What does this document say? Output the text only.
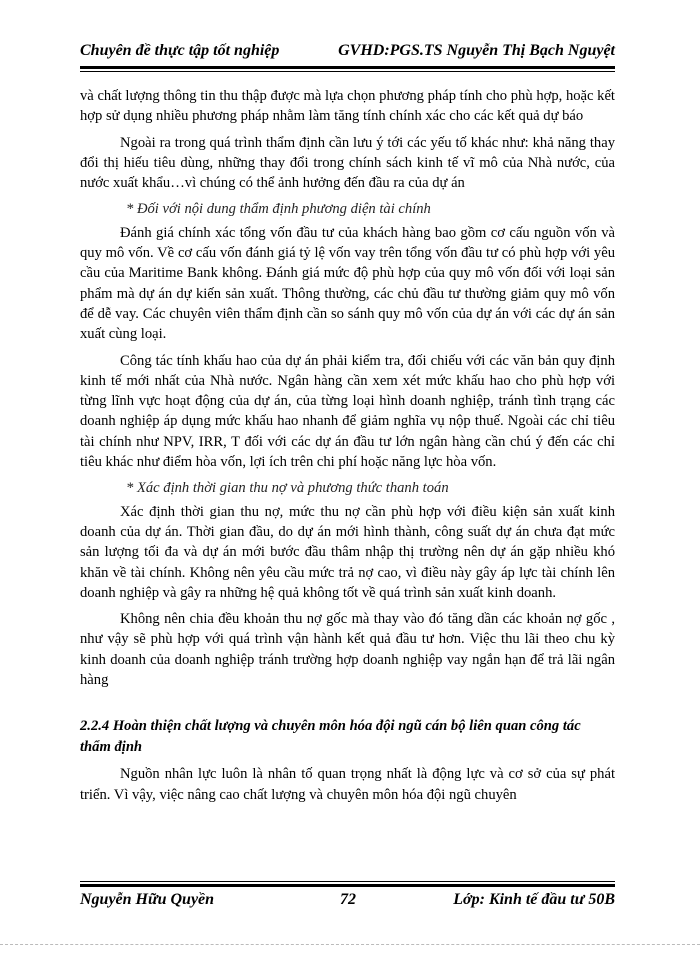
Chuyên đề thực tập tốt nghiệp	GVHD:PGS.TS Nguyễn Thị Bạch Nguyệt

và chất lượng thông tin thu thập được mà lựa chọn phương pháp tính cho phù hợp, hoặc kết hợp sử dụng nhiều phương pháp nhằm làm tăng tính chính xác cho các kết quả dự báo

Ngoài ra trong quá trình thẩm định cần lưu ý tới các yếu tố khác như: khả năng thay đổi thị hiếu tiêu dùng, những thay đổi trong chính sách kinh tế vĩ mô của Nhà nước, của nước xuất khẩu…vì chúng có thể ảnh hưởng đến đầu ra của dự án

* Đối với nội dung thẩm định phương diện tài chính

Đánh giá chính xác tổng vốn đầu tư của khách hàng bao gồm cơ cấu nguồn vốn và quy mô vốn. Về cơ cấu vốn đánh giá tỷ lệ vốn vay trên tổng vốn đầu tư có phù hợp với yêu cầu của Maritime Bank không. Đánh giá mức độ phù hợp của quy mô vốn đối với loại sản phẩm mà dự án dự kiến sản xuất. Thông thường, các chủ đầu tư thường giảm quy mô vốn để dễ vay. Các chuyên viên thẩm định cần so sánh quy mô vốn của dự án với các dự án sản xuất cùng loại.

Công tác tính khấu hao của dự án phải kiểm tra, đối chiếu với các văn bản quy định kinh tế mới nhất của Nhà nước. Ngân hàng cần xem xét mức khấu hao cho phù hợp với từng lĩnh vực hoạt động của dự án, của từng loại hình doanh nghiệp, tránh tình trạng các doanh nghiệp áp dụng mức khấu hao nhanh để giảm nghĩa vụ nộp thuế. Ngoài các chỉ tiêu tài chính như NPV, IRR, T đối với các dự án đầu tư lớn ngân hàng cần chú ý đến các chỉ tiêu khác như điểm hòa vốn, lợi ích trên chi phí hoặc năng lực hòa vốn.

* Xác định thời gian thu nợ và phương thức thanh toán

Xác định thời gian thu nợ, mức thu nợ cần phù hợp với điều kiện sản xuất kinh doanh của dự án. Thời gian đầu, do dự án mới hình thành, công suất dự án chưa đạt mức sản lượng tối đa và dự án mới bước đầu thâm nhập thị trường nên dự án gặp nhiều khó khăn về tài chính. Không nên yêu cầu mức trả nợ cao, vì điều này gây áp lực tài chính lên doanh nghiệp và gây ra những hệ quả không tốt về quá trình sản xuất kinh doanh.

Không nên chia đều khoản thu nợ gốc mà thay vào đó tăng dần các khoản nợ gốc , như vậy sẽ phù hợp với quá trình vận hành kết quả đầu tư hơn. Việc thu lãi theo chu kỳ kinh doanh của doanh nghiệp tránh trường hợp doanh nghiệp vay ngắn hạn để trả lãi ngân hàng

2.2.4 Hoàn thiện chất lượng và chuyên môn hóa đội ngũ cán bộ liên quan công tác thẩm định

Nguồn nhân lực luôn là nhân tố quan trọng nhất là động lực và cơ sở của sự phát triển. Vì vậy, việc nâng cao chất lượng và chuyên môn hóa đội ngũ chuyên

Nguyễn Hữu Quyền	72	Lớp: Kinh tế đầu tư 50B
